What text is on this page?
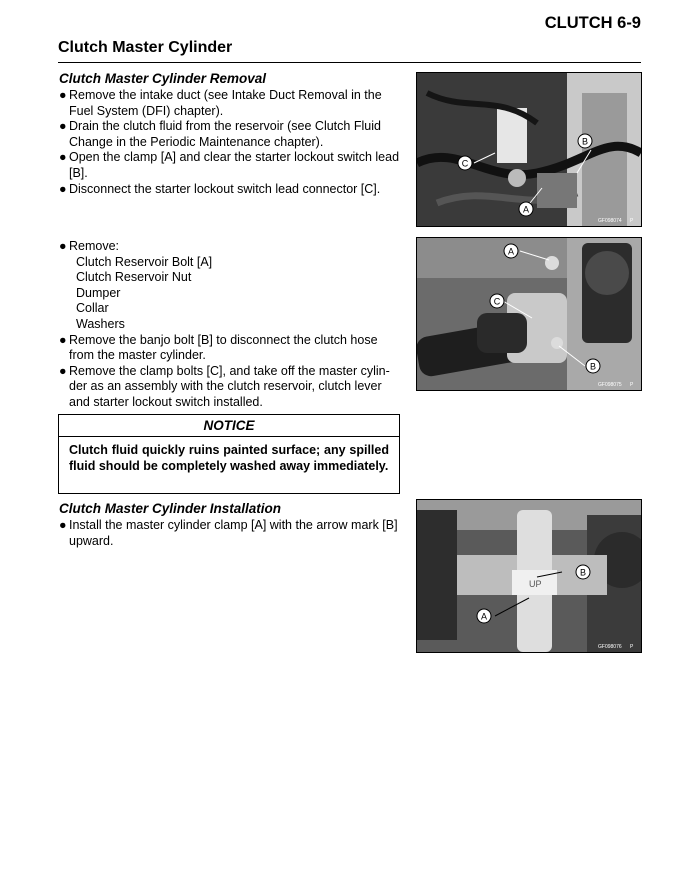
CLUTCH 6-9
Clutch Master Cylinder
Clutch Master Cylinder Removal
● Remove the intake duct (see Intake Duct Removal in the Fuel System (DFI) chapter).
● Drain the clutch fluid from the reservoir (see Clutch Fluid Change in the Periodic Maintenance chapter).
● Open the clamp [A] and clear the starter lockout switch lead [B].
● Disconnect the starter lockout switch lead connector [C].
● Remove:
Clutch Reservoir Bolt [A]
Clutch Reservoir Nut
Dumper
Collar
Washers
● Remove the banjo bolt [B] to disconnect the clutch hose from the master cylinder.
● Remove the clamp bolts [C], and take off the master cylin- der as an assembly with the clutch reservoir, clutch lever and starter lockout switch installed.
NOTICE
Clutch fluid quickly ruins painted surface; any spilled fluid should be completely washed away immediately.
Clutch Master Cylinder Installation
● Install the master cylinder clamp [A] with the arrow mark [B] upward.
C
B
A
GF098074 P
A
C
B
GF098075 P
UP
B
A
GF098076 P
